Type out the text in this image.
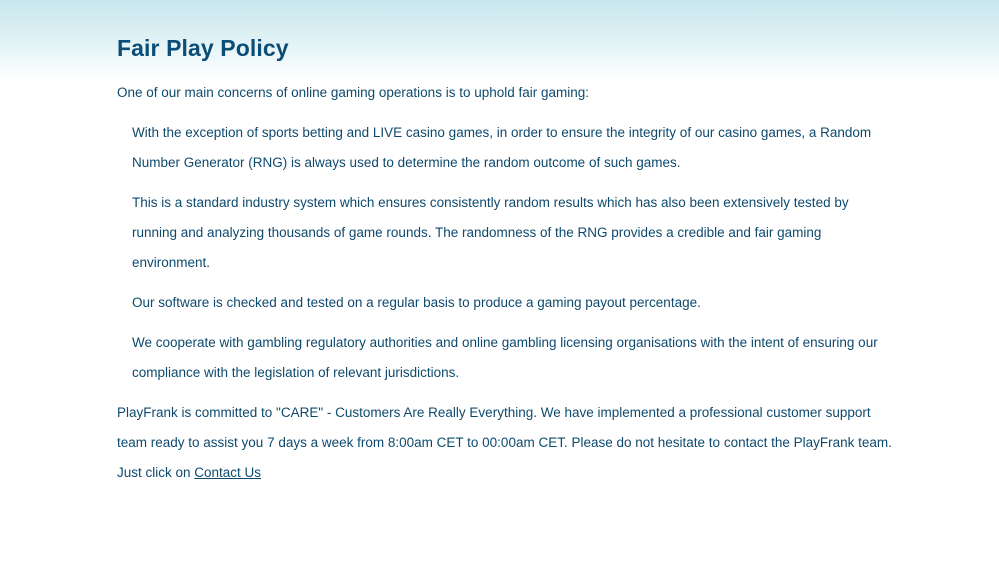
Fair Play Policy

One of our main concerns of online gaming operations is to uphold fair gaming:

With the exception of sports betting and LIVE casino games, in order to ensure the integrity of our casino games, a Random Number Generator (RNG) is always used to determine the random outcome of such games.

This is a standard industry system which ensures consistently random results which has also been extensively tested by running and analyzing thousands of game rounds. The randomness of the RNG provides a credible and fair gaming environment.

Our software is checked and tested on a regular basis to produce a gaming payout percentage.

We cooperate with gambling regulatory authorities and online gambling licensing organisations with the intent of ensuring our compliance with the legislation of relevant jurisdictions.

PlayFrank is committed to "CARE" - Customers Are Really Everything. We have implemented a professional customer support team ready to assist you 7 days a week from 8:00am CET to 00:00am CET. Please do not hesitate to contact the PlayFrank team. Just click on Contact Us
